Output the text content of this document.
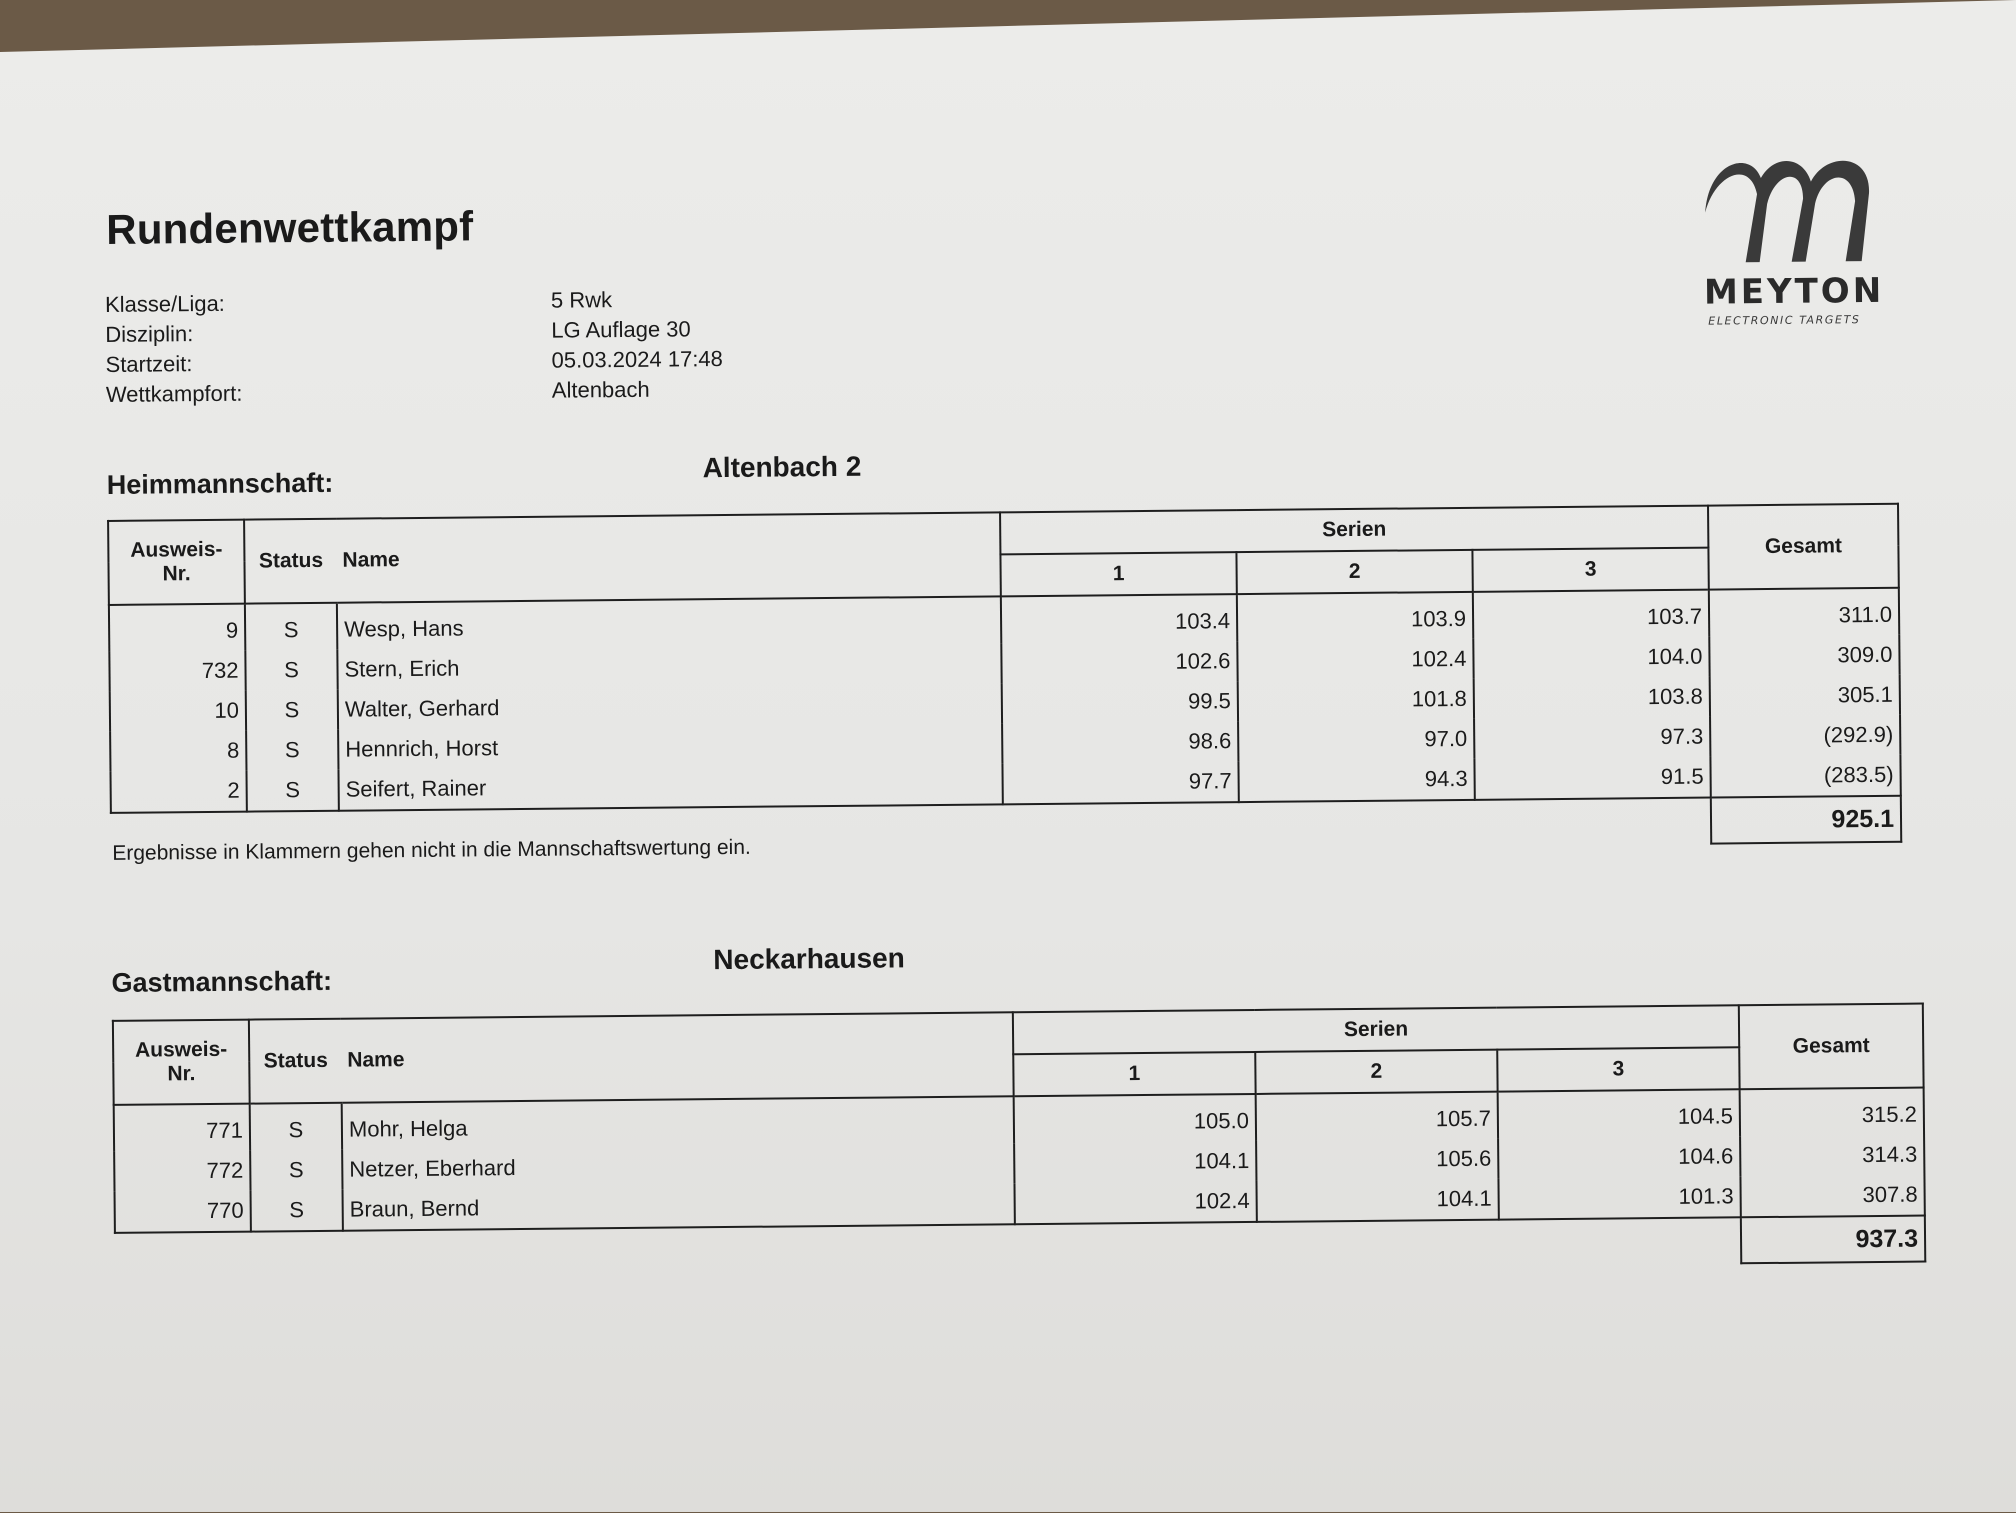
Rundenwettkampf
Klasse/Liga:	5 Rwk
Disziplin:	LG Auflage 30
Startzeit:	05.03.2024 17:48
Wettkampfort:	Altenbach
MEYTON
ELECTRONIC TARGETS
Heimmannschaft:
Altenbach 2
Ausweis-
Nr.	Status	Name	Serien			Gesamt
			1	2	3	
9	S	Wesp, Hans	103.4	103.9	103.7	311.0
732	S	Stern, Erich	102.6	102.4	104.0	309.0
10	S	Walter, Gerhard	99.5	101.8	103.8	305.1
8	S	Hennrich, Horst	98.6	97.0	97.3	(292.9)
2	S	Seifert, Rainer	97.7	94.3	91.5	(283.5)
						925.1
Ergebnisse in Klammern gehen nicht in die Mannschaftswertung ein.
Gastmannschaft:
Neckarhausen
Ausweis-
Nr.	Status	Name	Serien			Gesamt
			1	2	3	
771	S	Mohr, Helga	105.0	105.7	104.5	315.2
772	S	Netzer, Eberhard	104.1	105.6	104.6	314.3
770	S	Braun, Bernd	102.4	104.1	101.3	307.8
						937.3
